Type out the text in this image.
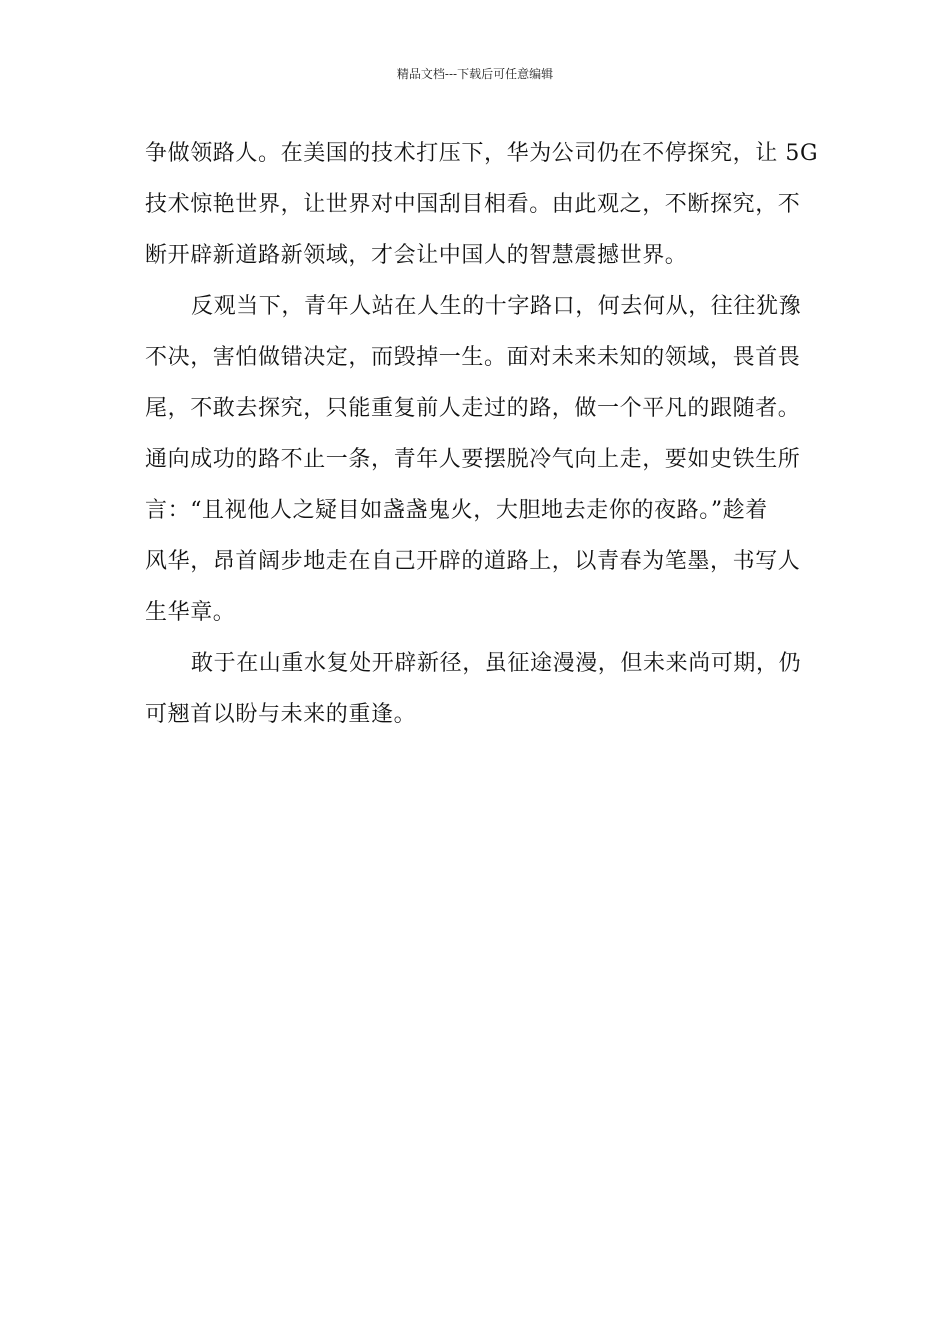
精品文档---下载后可任意编辑
争做领路人。在美国的技术打压下，华为公司仍在不停探究，让 5G
技术惊艳世界，让世界对中国刮目相看。由此观之，不断探究，不
断开辟新道路新领域，才会让中国人的智慧震撼世界。
反观当下，青年人站在人生的十字路口，何去何从，往往犹豫
不决，害怕做错决定，而毁掉一生。面对未来未知的领域，畏首畏
尾，不敢去探究，只能重复前人走过的路，做一个平凡的跟随者。
通向成功的路不止一条，青年人要摆脱冷气向上走，要如史铁生所
言：“且视他人之疑目如盏盏鬼火，大胆地去走你的夜路。”趁着
风华，昂首阔步地走在自己开辟的道路上，以青春为笔墨，书写人
生华章。
敢于在山重水复处开辟新径，虽征途漫漫，但未来尚可期，仍
可翘首以盼与未来的重逢。
